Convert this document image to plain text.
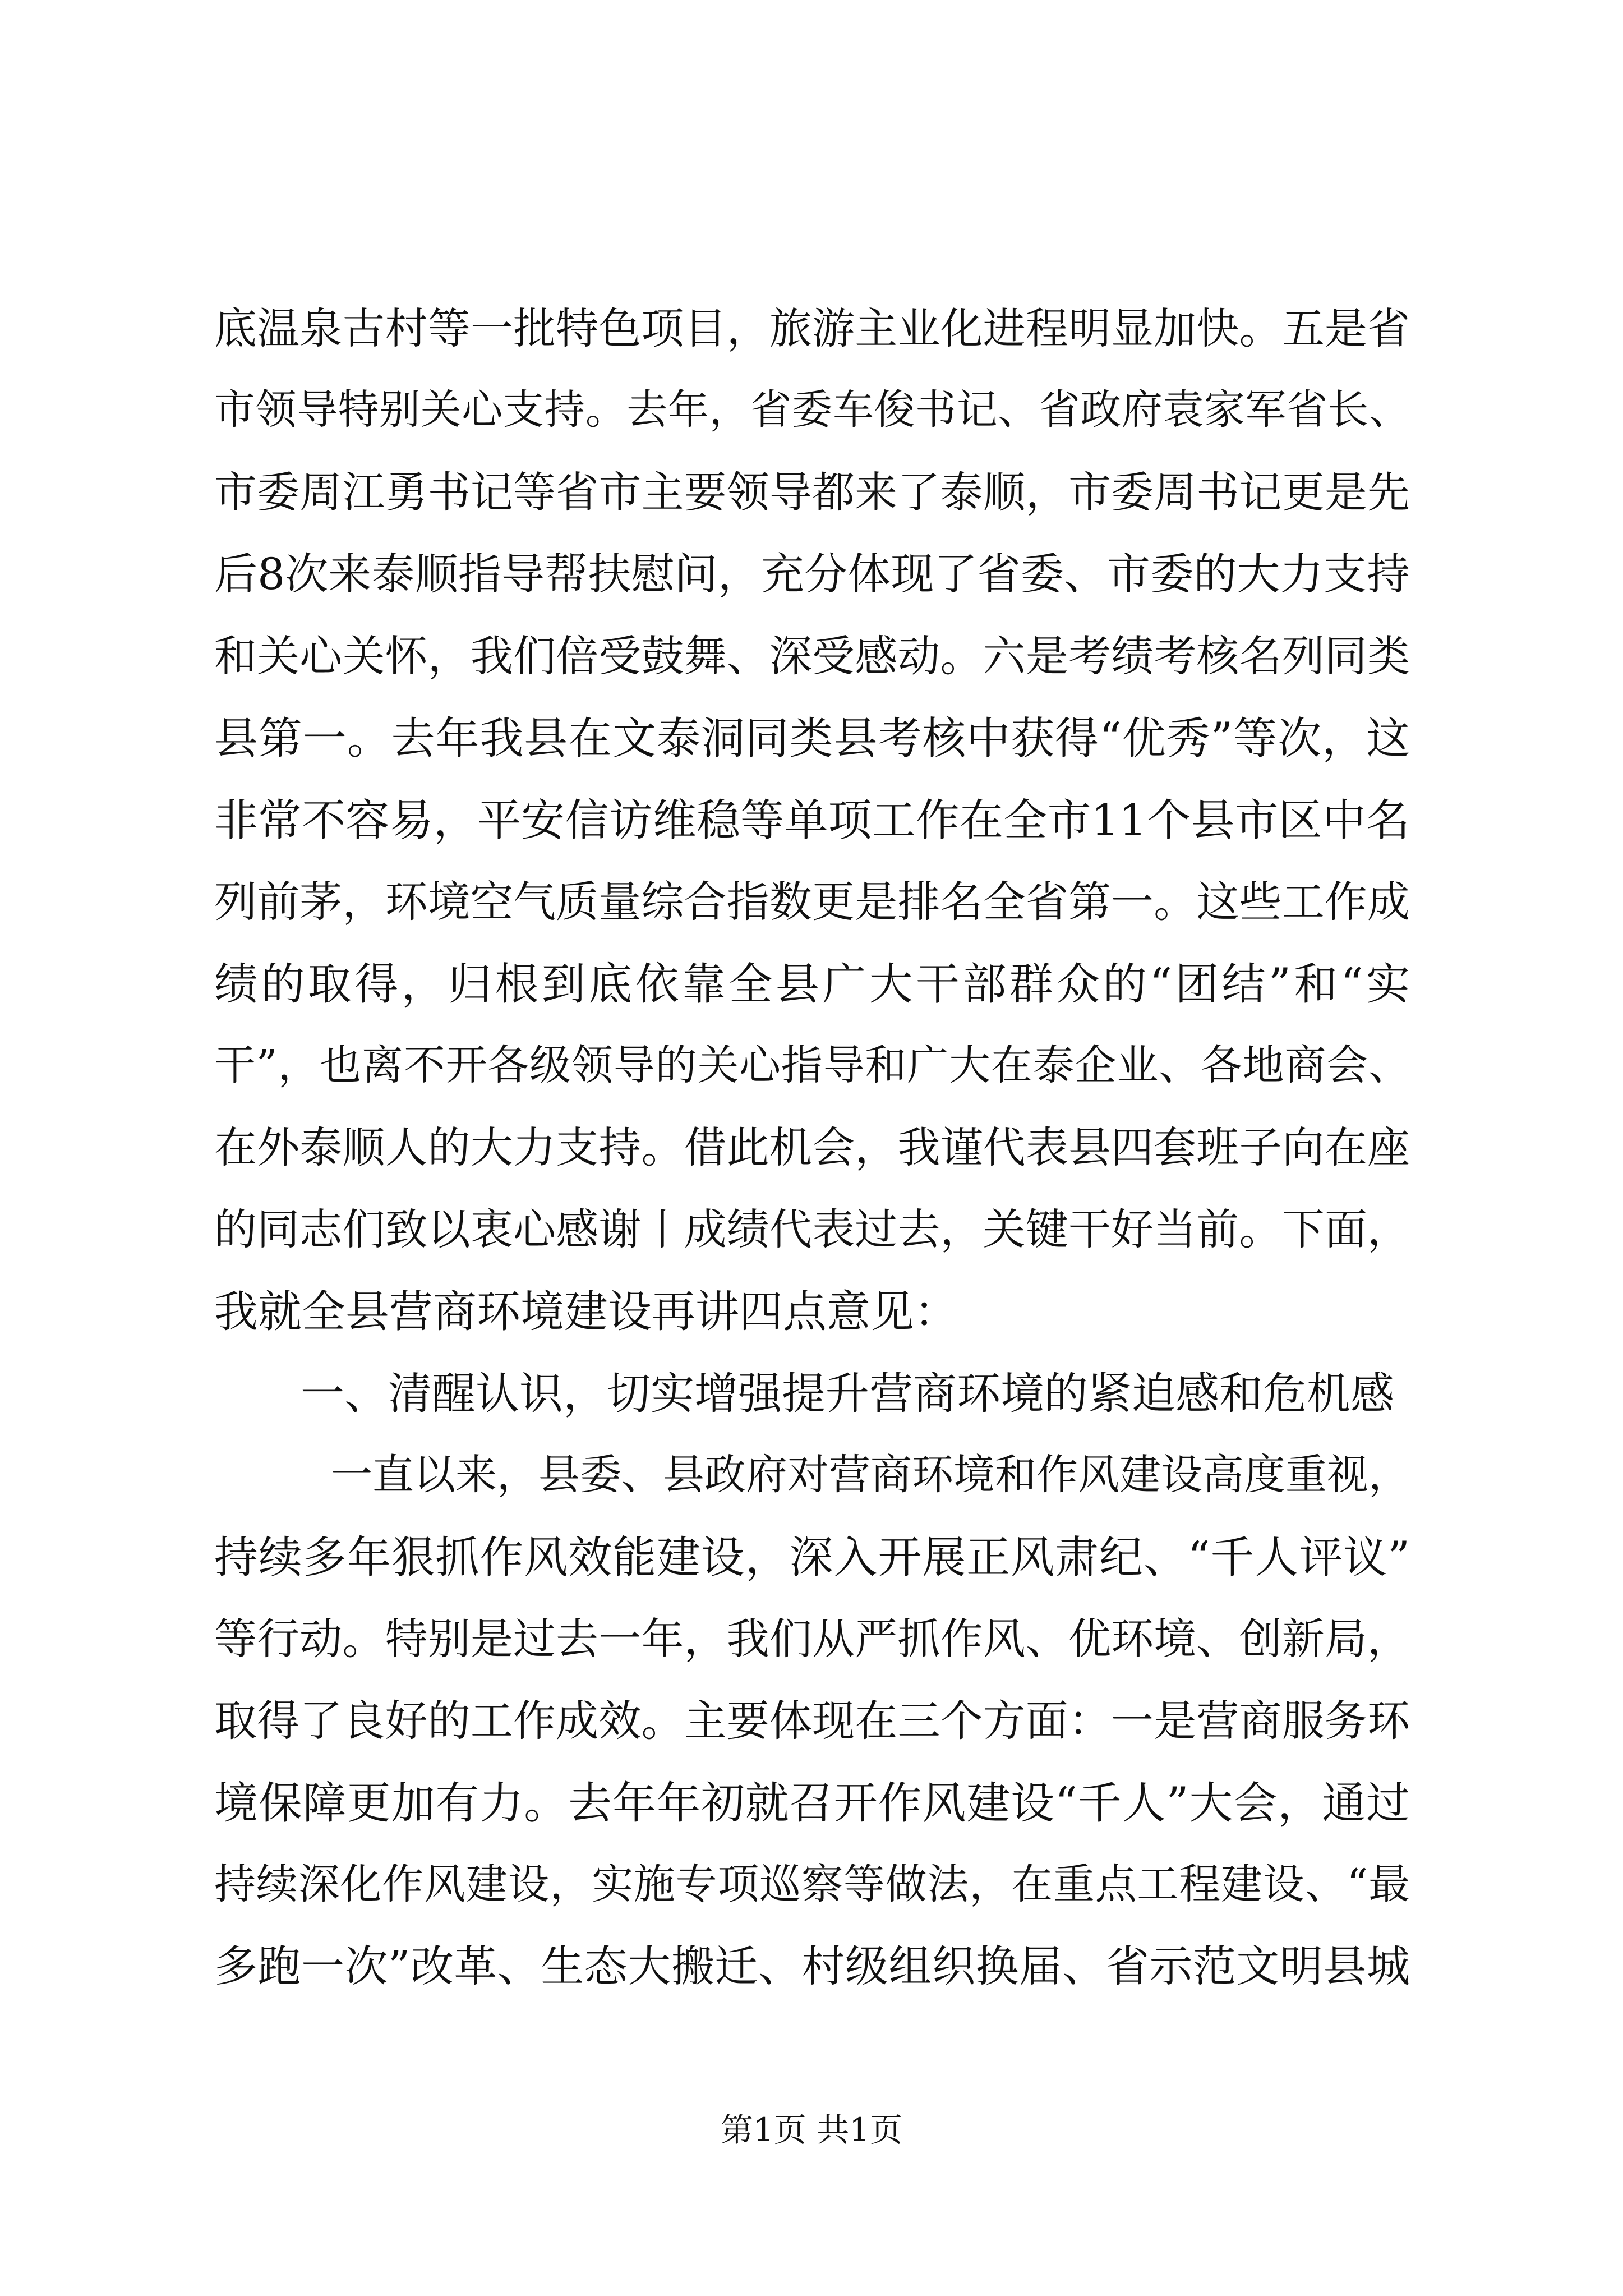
底温泉古村等一批特色项目，旅游主业化进程明显加快。五是省

市领导特别关心支持。去年，省委车俊书记、省政府袁家军省长、

市委周江勇书记等省市主要领导都来了泰顺，市委周书记更是先

后8次来泰顺指导帮扶慰问，充分体现了省委、市委的大力支持

和关心关怀，我们倍受鼓舞、深受感动。六是考绩考核名列同类

县第一。去年我县在文泰洞同类县考核中获得“优秀”等次，这

非常不容易，平安信访维稳等单项工作在全市11个县市区中名

列前茅，环境空气质量综合指数更是排名全省第一。这些工作成

绩的取得，归根到底依靠全县广大干部群众的“团结”和“实

干”，也离不开各级领导的关心指导和广大在泰企业、各地商会、

在外泰顺人的大力支持。借此机会，我谨代表县四套班子向在座

的同志们致以衷心感谢丨成绩代表过去，关键干好当前。下面，

我就全县营商环境建设再讲四点意见：

一、清醒认识，切实增强提升营商环境的紧迫感和危机感

一直以来，县委、县政府对营商环境和作风建设高度重视，

持续多年狠抓作风效能建设，深入开展正风肃纪、“千人评议”

等行动。特别是过去一年，我们从严抓作风、优环境、创新局，

取得了良好的工作成效。主要体现在三个方面：一是营商服务环

境保障更加有力。去年年初就召开作风建设“千人”大会，通过

持续深化作风建设，实施专项巡察等做法，在重点工程建设、“最

多跑一次”改革、生态大搬迁、村级组织换届、省示范文明县城

第1页 共1页
